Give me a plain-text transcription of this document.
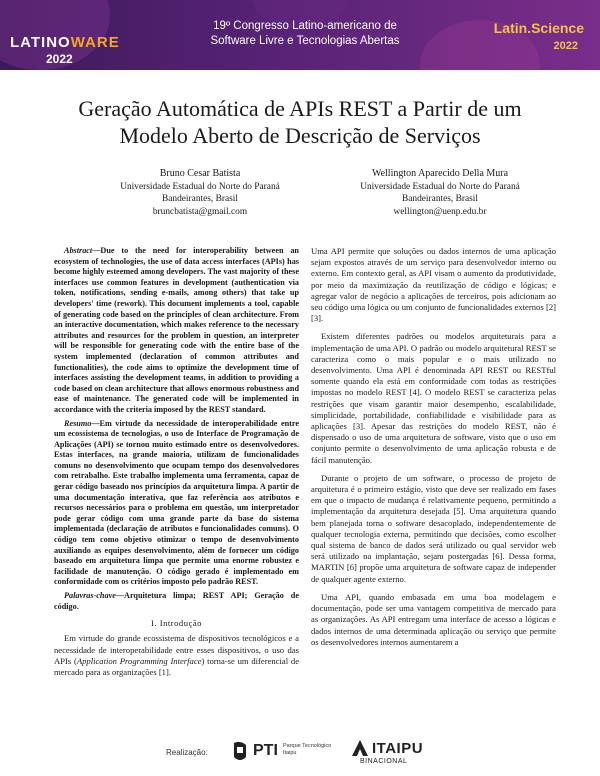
LATINOWARE
2022
19º Congresso Latino-americano de
Software Livre e Tecnologias Abertas
Latin.Science
2022
Geração Automática de APIs REST a Partir de um
Modelo Aberto de Descrição de Serviços
Bruno Cesar Batista
Universidade Estadual do Norte do Paraná
Bandeirantes, Brasil
bruncbatista@gmail.com
Wellington Aparecido Della Mura
Universidade Estadual do Norte do Paraná
Bandeirantes, Brasil
wellington@uenp.edu.br

Abstract—Due to the need for interoperability between an ecosystem of technologies, the use of data access interfaces (APIs) has become highly esteemed among developers. The vast majority of these interfaces use common features in development (authentication via token, notifications, sending e-mails, among others) that take up developers' time (rework). This document implements a tool, capable of generating code based on the principles of clean architecture. From an interactive documentation, which makes reference to the necessary attributes and resources for the problem in question, an interpreter will be responsible for generating code with the entire base of the system implemented (declaration of common attributes and functionalities), the code aims to optimize the development time of interfaces assisting the development teams, in addition to providing a code based on clean architecture that allows enormous robustness and ease of maintenance. The generated code will be implemented in accordance with the criteria imposed by the REST standard.

Resumo—Em virtude da necessidade de interoperabilidade entre um ecossistema de tecnologias, o uso de Interface de Programação de Aplicações (API) se tornou muito estimado entre os desenvolvedores. Estas interfaces, na grande maioria, utilizam de funcionalidades comuns no desenvolvimento que ocupam tempo dos desenvolvedores com retrabalho. Este trabalho implementa uma ferramenta, capaz de gerar código baseado nos princípios da arquitetura limpa. A partir de uma documentação interativa, que faz referência aos atributos e recursos necessários para o problema em questão, um interpretador pode gerar código com uma grande parte da base do sistema implementada (declaração de atributos e funcionalidades comuns). O código tem como objetivo otimizar o tempo de desenvolvimento auxiliando as equipes desenvolvimento, além de fornecer um código baseado em arquitetura limpa que permite uma enorme robustez e facilidade de manutenção. O código gerado é implementado em conformidade com os critérios imposto pelo padrão REST.

Palavras-chave—Arquitetura limpa; REST API; Geração de código.

I. Introdução

Em virtude do grande ecossistema de dispositivos tecnológicos e a necessidade de interoperabilidade entre esses dispositivos, o uso das APIs (Application Programming Interface) torna-se um diferencial de mercado para as organizações [1].

Uma API permite que soluções ou dados internos de uma aplicação sejam expostos através de um serviço para desenvolvedor interno ou externo. Em contexto geral, as API visam o aumento da produtividade, por meio da maximização da reutilização de código e lógicas; e agregar valor de negócio a aplicações de terceiros, pois adicionam ao seu código uma lógica ou um conjunto de funcionalidades externos [2] [3].

Existem diferentes padrões ou modelos arquiteturais para a implementação de uma API. O padrão ou modelo arquitetural REST se caracteriza como o mais popular e o mais utilizado no desenvolvimento. Uma API é denominada API REST ou RESTful somente quando ela está em conformidade com todas as restrições impostas no modelo REST [4]. O modelo REST se caracteriza pelas restrições que visam garantir maior desempenho, escalabilidade, simplicidade, portabilidade, confiabilidade e visibilidade para as aplicações [3]. Apesar das restrições do modelo REST, não é dispensado o uso de uma arquitetura de software, visto que o uso em conjunto permite o desenvolvimento de uma aplicação robusta e de fácil manutenção.

Durante o projeto de um software, o processo de projeto de arquitetura é o primeiro estágio, visto que deve ser realizado em fases em que o impacto de mudança é relativamente pequeno, permitindo a implementação da arquitetura desejada [5]. Uma arquitetura quando bem planejada torna o software desacoplado, independentemente de qualquer tecnologia externa, permitindo que decisões, como escolher qual sistema de banco de dados será utilizado ou qual servidor web será utilizado na implantação, sejam postergadas [6]. Dessa forma, MARTIN [6] propõe uma arquitetura de software capaz de independer de qualquer agente externo.

Uma API, quando embasada em uma boa modelagem e documentação, pode ser uma vantagem competitiva de mercado para as organizações. As API entregam uma interface de acesso a lógicas e dados internos de uma determinada aplicação ou serviço que permite os desenvolvedores internos aumentarem a

Realização:	PTI Parque Tecnológico
Itaipu	ITAIPU
BINACIONAL
